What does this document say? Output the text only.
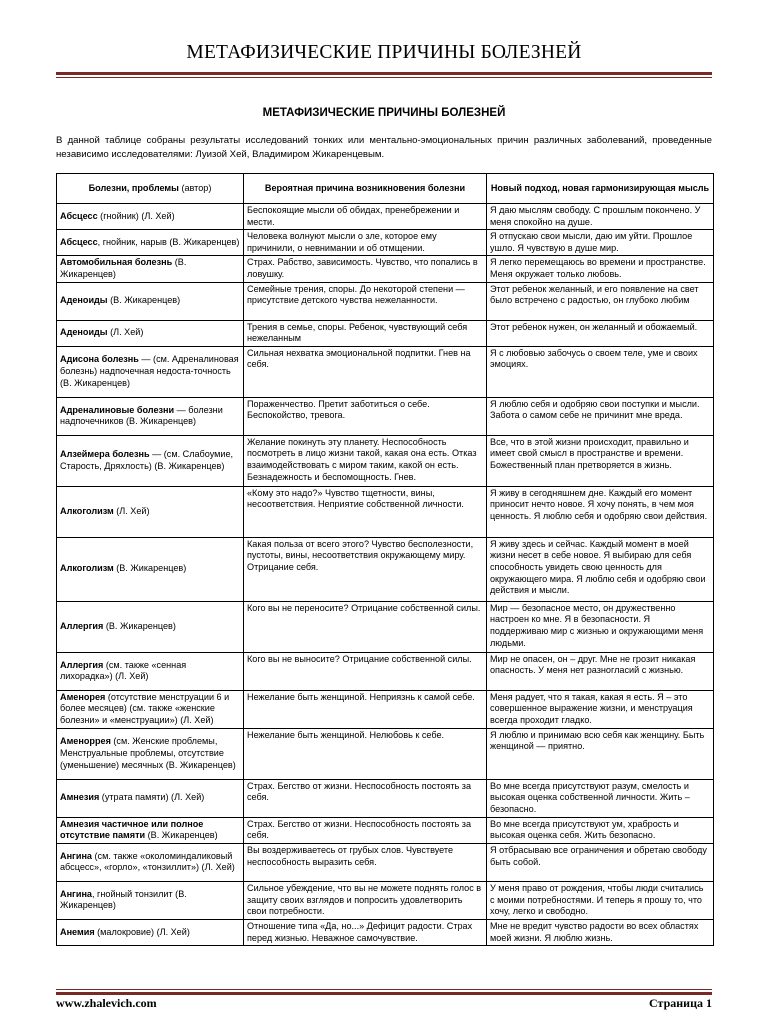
МЕТАФИЗИЧЕСКИЕ ПРИЧИНЫ БОЛЕЗНЕЙ
МЕТАФИЗИЧЕСКИЕ ПРИЧИНЫ БОЛЕЗНЕЙ
В данной таблице собраны результаты исследований тонких или ментально-эмоциональных причин различных заболеваний, проведенные независимо исследователями: Луизой Хей, Владимиром Жикаренцевым.
Болезни, проблемы (автор)	Вероятная причина возникновения болезни	Новый подход, новая гармонизирующая мысль
Абсцесс (гнойник) (Л. Хей)	Беспокоящие мысли об обидах, пренебрежении и мести.	Я даю мыслям свободу. С прошлым покончено. У меня спокойно на душе.
Абсцесс, гнойник, нарыв (В. Жикаренцев)	Человека волнуют мысли о зле, которое ему причинили, о невнимании и об отмщении.	Я отпускаю свои мысли, даю им уйти. Прошлое ушло. Я чувствую в душе мир.
Автомобильная болезнь (В. Жикаренцев)	Страх. Рабство, зависимость. Чувство, что попались в ловушку.	Я легко перемещаюсь во времени и пространстве. Меня окружает только любовь.
Аденоиды (В. Жикаренцев)	Семейные трения, споры. До некоторой степени — присутствие детского чувства нежеланности.	Этот ребенок желанный, и его появление на свет было встречено с радостью, он глубоко любим
Аденоиды (Л. Хей)	Трения в семье, споры. Ребенок, чувствующий себя нежеланным	Этот ребенок нужен, он желанный и обожаемый.
Адисона болезнь — (см. Адреналиновая болезнь) надпочечная недоста-точность (В. Жикаренцев)	Сильная нехватка эмоциональной подпитки. Гнев на себя.	Я с любовью забочусь о своем теле, уме и своих эмоциях.
Адреналиновые болезни — болезни надпочечников (В. Жикаренцев)	Пораженчество. Претит заботиться о себе. Беспокойство, тревога.	Я люблю себя и одобряю свои поступки и мысли. Забота о самом себе не причинит мне вреда.
Алзеймера болезнь — (см. Слабоумие, Старость, Дряхлость) (В. Жикаренцев)	Желание покинуть эту планету. Неспособность посмотреть в лицо жизни такой, какая она есть. Отказ взаимодействовать с миром таким, какой он есть. Безнадежность и беспомощность. Гнев.	Все, что в этой жизни происходит, правильно и имеет свой смысл в пространстве и времени. Божественный план претворяется в жизнь.
Алкоголизм (Л. Хей)	«Кому это надо?» Чувство тщетности, вины, несоответствия. Неприятие собственной личности.	Я живу в сегодняшнем дне. Каждый его момент приносит нечто новое. Я хочу понять, в чем моя ценность. Я люблю себя и одобряю свои действия.
Алкоголизм (В. Жикаренцев)	Какая польза от всего этого? Чувство бесполезности, пустоты, вины, несоответствия окружающему миру. Отрицание себя.	Я живу здесь и сейчас. Каждый момент в моей жизни несет в себе новое. Я выбираю для себя способность увидеть свою ценность для окружающего мира. Я люблю себя и одобряю свои действия и мысли.
Аллергия (В. Жикаренцев)	Кого вы не переносите? Отрицание собственной силы.	Мир — безопасное место, он дружественно настроен ко мне. Я в безопасности. Я поддерживаю мир с жизнью и окружающими меня людьми.
Аллергия (см. также «сенная лихорадка») (Л. Хей)	Кого вы не выносите? Отрицание собственной силы.	Мир не опасен, он – друг. Мне не грозит никакая опасность. У меня нет разногласий с жизнью.
Аменорея (отсутствие менструации 6 и более месяцев) (см. также «женские болезни» и «менструации») (Л. Хей)	Нежелание быть женщиной. Неприязнь к самой себе.	Меня радует, что я такая, какая я есть. Я – это совершенное выражение жизни, и менструация всегда проходит гладко.
Аменоррея (см. Женские проблемы, Менструальные проблемы, отсутствие (уменьшение) месячных (В. Жикаренцев)	Нежелание быть женщиной. Нелюбовь к себе.	Я люблю и принимаю всю себя как женщину. Быть женщиной — приятно.
Амнезия (утрата памяти) (Л. Хей)	Страх. Бегство от жизни. Неспособность постоять за себя.	Во мне всегда присутствуют разум, смелость и высокая оценка собственной личности. Жить – безопасно.
Амнезия частичное или полное отсутствие памяти (В. Жикаренцев)	Страх. Бегство от жизни. Неспособность постоять за себя.	Во мне всегда присутствуют ум, храбрость и высокая оценка себя. Жить безопасно.
Ангина (см. также «околоминдаликовый абсцесс», «горло», «тонзиллит») (Л. Хей)	Вы воздерживаетесь от грубых слов. Чувствуете неспособность выразить себя.	Я отбрасываю все ограничения и обретаю свободу быть собой.
Ангина, гнойный тонзилит (В. Жикаренцев)	Сильное убеждение, что вы не можете поднять голос в защиту своих взглядов и попросить удовлетворить свои потребности.	У меня право от рождения, чтобы люди считались с моими потребностями. И теперь я прошу то, что хочу, легко и свободно.
Анемия (малокровие) (Л. Хей)	Отношение типа «Да, но...» Дефицит радости. Страх перед жизнью. Неважное самочувствие.	Мне не вредит чувство радости во всех областях моей жизни. Я люблю жизнь.
www.zhalevich.com	Страница 1
